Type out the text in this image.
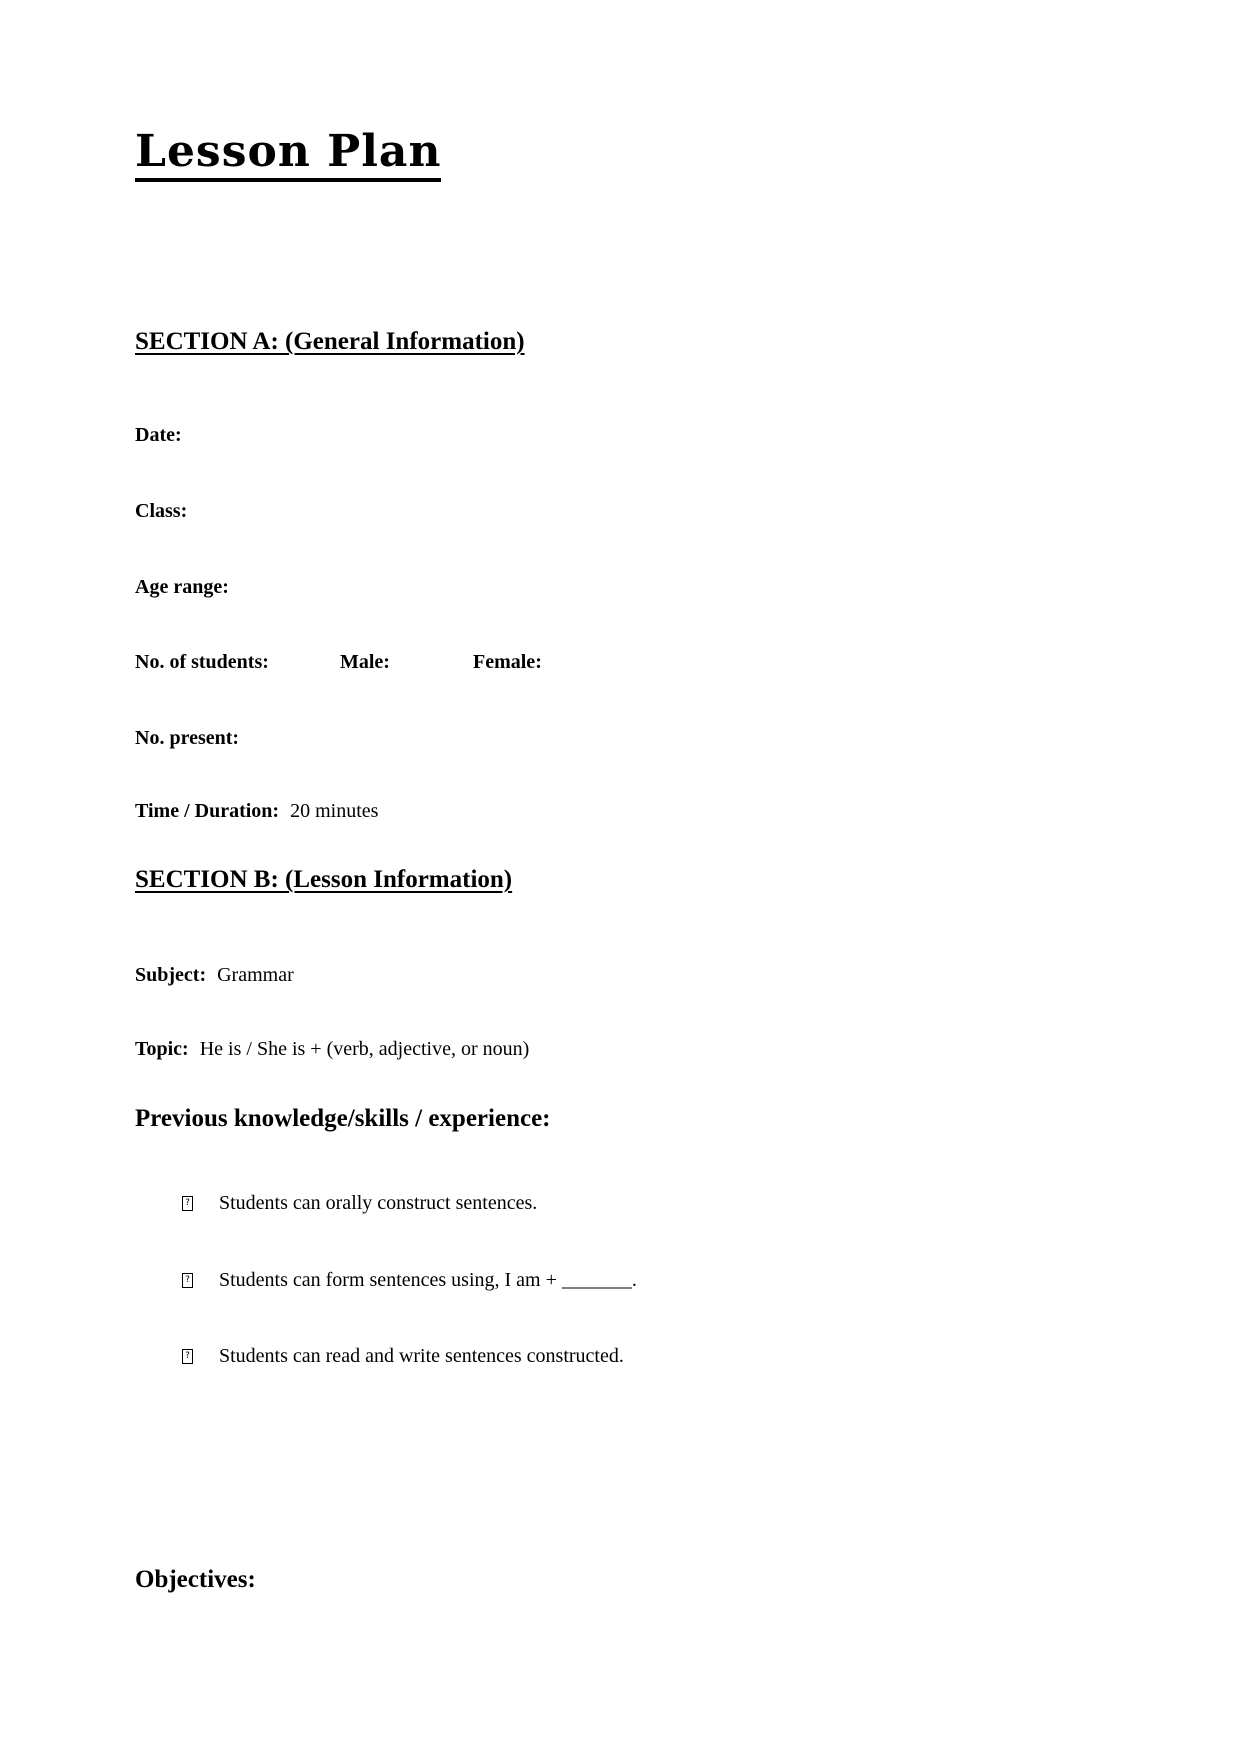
Lesson Plan
SECTION A: (General Information)
Date:
Class:
Age range:
No. of students:	Male:	Female:
No. present:
Time / Duration: 20 minutes
SECTION B: (Lesson Information)
Subject: Grammar
Topic: He is / She is + (verb, adjective, or noun)
Previous knowledge/skills / experience:
? Students can orally construct sentences.
? Students can form sentences using, I am + _______.
? Students can read and write sentences constructed.
Objectives:
